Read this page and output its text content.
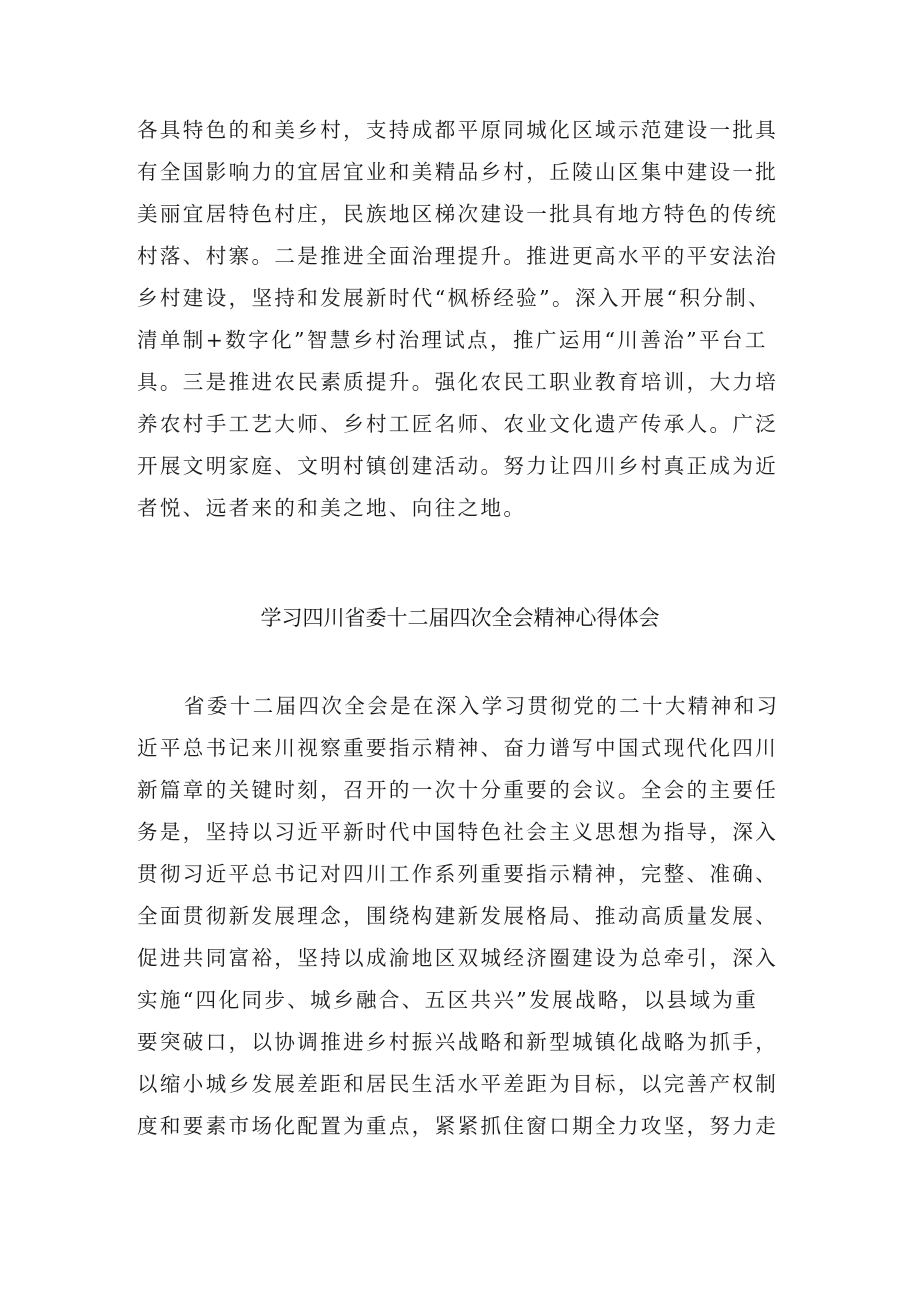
各具特色的和美乡村，支持成都平原同城化区域示范建设一批具
有全国影响力的宜居宜业和美精品乡村，丘陵山区集中建设一批
美丽宜居特色村庄，民族地区梯次建设一批具有地方特色的传统
村落、村寨。二是推进全面治理提升。推进更高水平的平安法治
乡村建设，坚持和发展新时代“枫桥经验”。深入开展“积分制、
清单制+数字化”智慧乡村治理试点，推广运用“川善治”平台工
具。三是推进农民素质提升。强化农民工职业教育培训，大力培
养农村手工艺大师、乡村工匠名师、农业文化遗产传承人。广泛
开展文明家庭、文明村镇创建活动。努力让四川乡村真正成为近
者悦、远者来的和美之地、向往之地。
学习四川省委十二届四次全会精神心得体会
省委十二届四次全会是在深入学习贯彻党的二十大精神和习
近平总书记来川视察重要指示精神、奋力谱写中国式现代化四川
新篇章的关键时刻，召开的一次十分重要的会议。全会的主要任
务是，坚持以习近平新时代中国特色社会主义思想为指导，深入
贯彻习近平总书记对四川工作系列重要指示精神，完整、准确、
全面贯彻新发展理念，围绕构建新发展格局、推动高质量发展、
促进共同富裕，坚持以成渝地区双城经济圈建设为总牵引，深入
实施“四化同步、城乡融合、五区共兴”发展战略，以县域为重
要突破口，以协调推进乡村振兴战略和新型城镇化战略为抓手，
以缩小城乡发展差距和居民生活水平差距为目标，以完善产权制
度和要素市场化配置为重点，紧紧抓住窗口期全力攻坚，努力走
